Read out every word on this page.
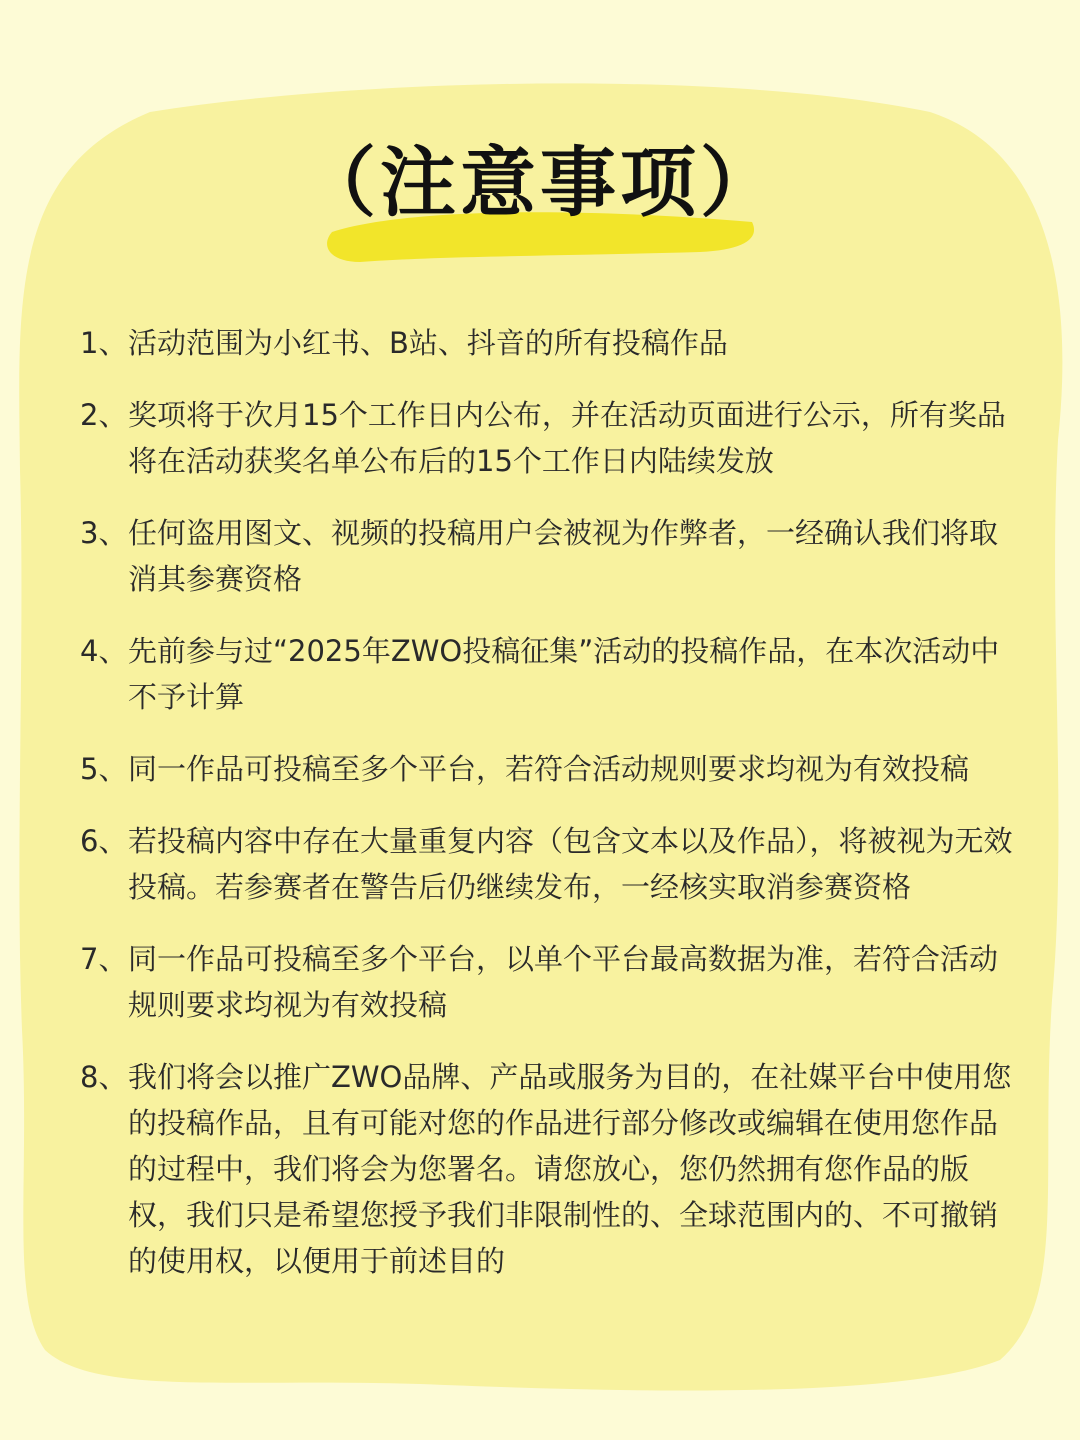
（注意事项）
1、 活动范围为小红书、B站、抖音的所有投稿作品
2、 奖项将于次月15个工作日内公布，并在活动页面进行公示，所有奖品将在活动获奖名单公布后的15个工作日内陆续发放
3、 任何盗用图文、视频的投稿用户会被视为作弊者，一经确认我们将取消其参赛资格
4、 先前参与过“2025年ZWO投稿征集”活动的投稿作品，在本次活动中不予计算
5、 同一作品可投稿至多个平台，若符合活动规则要求均视为有效投稿
6、 若投稿内容中存在大量重复内容（包含文本以及作品），将被视为无效投稿。若参赛者在警告后仍继续发布，一经核实取消参赛资格
7、 同一作品可投稿至多个平台，以单个平台最高数据为准，若符合活动规则要求均视为有效投稿
8、 我们将会以推广ZWO品牌、产品或服务为目的，在社媒平台中使用您的投稿作品，且有可能对您的作品进行部分修改或编辑在使用您作品的过程中，我们将会为您署名。请您放心，您仍然拥有您作品的版权，我们只是希望您授予我们非限制性的、全球范围内的、不可撤销的使用权，以便用于前述目的
